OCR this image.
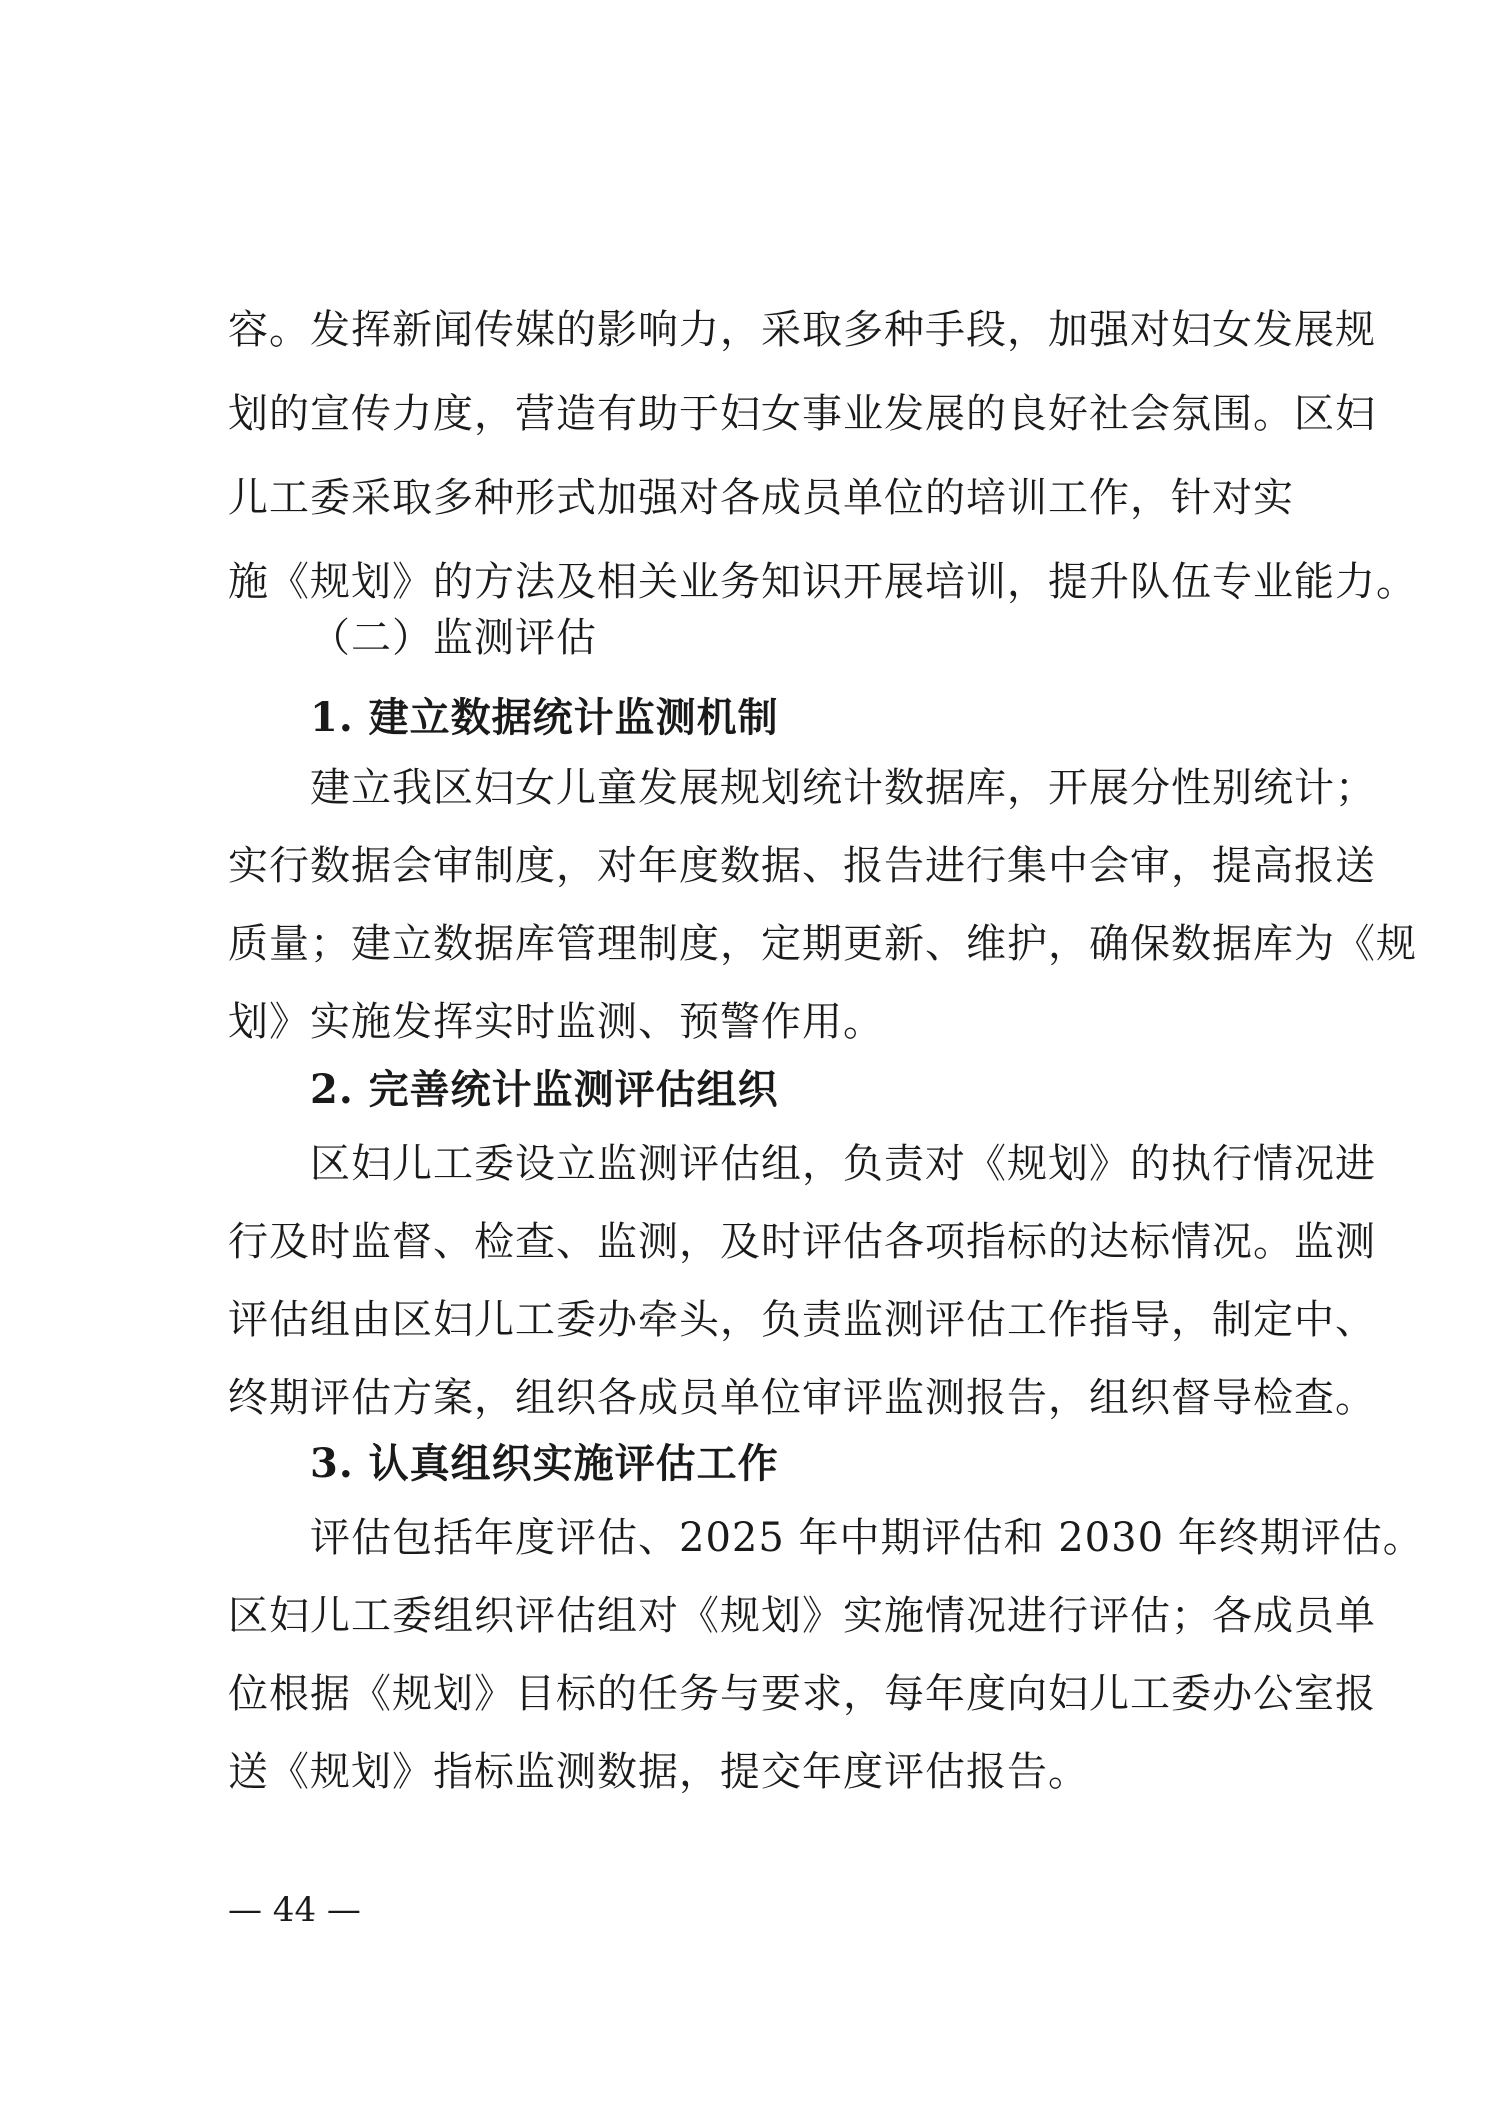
容。发挥新闻传媒的影响力，采取多种手段，加强对妇女发展规
划的宣传力度，营造有助于妇女事业发展的良好社会氛围。区妇
儿工委采取多种形式加强对各成员单位的培训工作，针对实
施《规划》的方法及相关业务知识开展培训，提升队伍专业能力。
（二）监测评估
1. 建立数据统计监测机制
建立我区妇女儿童发展规划统计数据库，开展分性别统计；
实行数据会审制度，对年度数据、报告进行集中会审，提高报送
质量；建立数据库管理制度，定期更新、维护，确保数据库为《规
划》实施发挥实时监测、预警作用。
2. 完善统计监测评估组织
区妇儿工委设立监测评估组，负责对《规划》的执行情况进
行及时监督、检查、监测，及时评估各项指标的达标情况。监测
评估组由区妇儿工委办牵头，负责监测评估工作指导，制定中、
终期评估方案，组织各成员单位审评监测报告，组织督导检查。
3. 认真组织实施评估工作
评估包括年度评估、2025 年中期评估和 2030 年终期评估。
区妇儿工委组织评估组对《规划》实施情况进行评估；各成员单
位根据《规划》目标的任务与要求，每年度向妇儿工委办公室报
送《规划》指标监测数据，提交年度评估报告。
— 44 —
